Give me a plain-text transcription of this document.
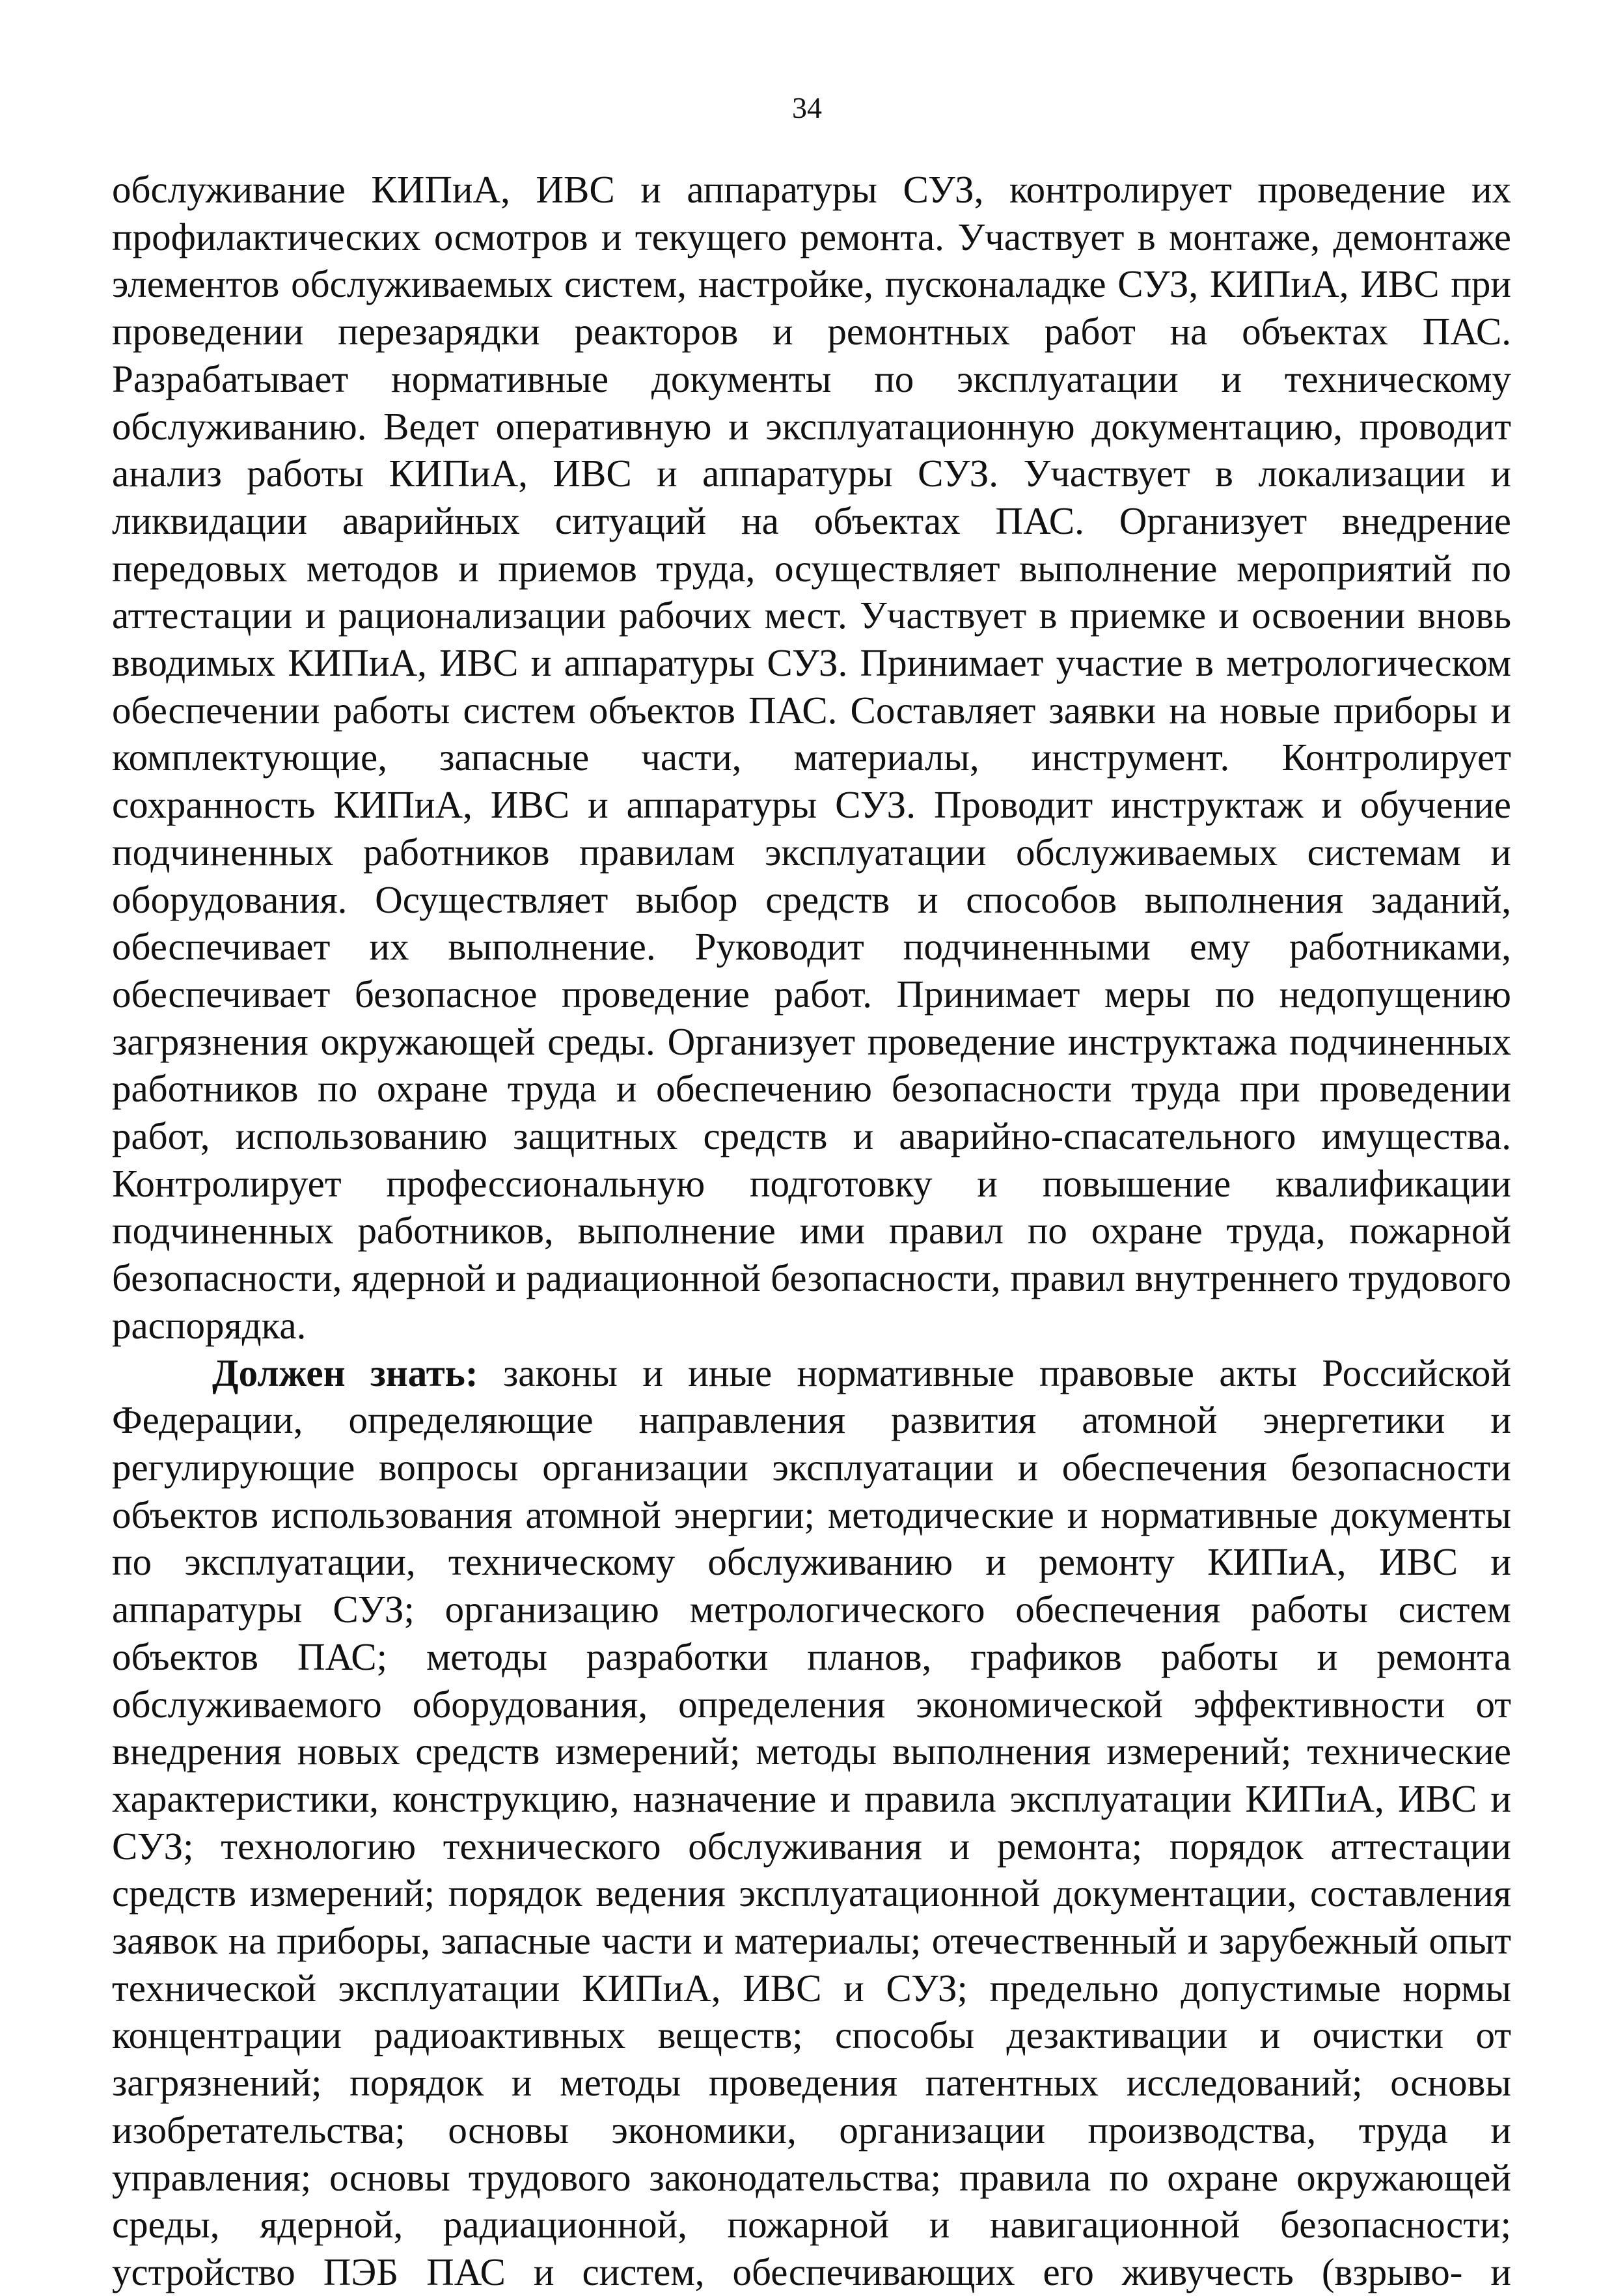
34
обслуживание КИПиА, ИВС и аппаратуры СУЗ, контролирует проведение их
профилактических осмотров и текущего ремонта. Участвует в монтаже, демонтаже
элементов обслуживаемых систем, настройке, пусконаладке СУЗ, КИПиА, ИВС при
проведении перезарядки реакторов и ремонтных работ на объектах ПАС.
Разрабатывает нормативные документы по эксплуатации и техническому
обслуживанию. Ведет оперативную и эксплуатационную документацию, проводит
анализ работы КИПиА, ИВС и аппаратуры СУЗ. Участвует в локализации и
ликвидации аварийных ситуаций на объектах ПАС. Организует внедрение
передовых методов и приемов труда, осуществляет выполнение мероприятий по
аттестации и рационализации рабочих мест. Участвует в приемке и освоении вновь
вводимых КИПиА, ИВС и аппаратуры СУЗ. Принимает участие в метрологическом
обеспечении работы систем объектов ПАС. Составляет заявки на новые приборы и
комплектующие, запасные части, материалы, инструмент. Контролирует
сохранность КИПиА, ИВС и аппаратуры СУЗ. Проводит инструктаж и обучение
подчиненных работников правилам эксплуатации обслуживаемых системам и
оборудования. Осуществляет выбор средств и способов выполнения заданий,
обеспечивает их выполнение. Руководит подчиненными ему работниками,
обеспечивает безопасное проведение работ. Принимает меры по недопущению
загрязнения окружающей среды. Организует проведение инструктажа подчиненных
работников по охране труда и обеспечению безопасности труда при проведении
работ, использованию защитных средств и аварийно-спасательного имущества.
Контролирует профессиональную подготовку и повышение квалификации
подчиненных работников, выполнение ими правил по охране труда, пожарной
безопасности, ядерной и радиационной безопасности, правил внутреннего трудового
распорядка.
Должен знать: законы и иные нормативные правовые акты Российской
Федерации, определяющие направления развития атомной энергетики и
регулирующие вопросы организации эксплуатации и обеспечения безопасности
объектов использования атомной энергии; методические и нормативные документы
по эксплуатации, техническому обслуживанию и ремонту КИПиА, ИВС и
аппаратуры СУЗ; организацию метрологического обеспечения работы систем
объектов ПАС; методы разработки планов, графиков работы и ремонта
обслуживаемого оборудования, определения экономической эффективности от
внедрения новых средств измерений; методы выполнения измерений; технические
характеристики, конструкцию, назначение и правила эксплуатации КИПиА, ИВС и
СУЗ; технологию технического обслуживания и ремонта; порядок аттестации
средств измерений; порядок ведения эксплуатационной документации, составления
заявок на приборы, запасные части и материалы; отечественный и зарубежный опыт
технической эксплуатации КИПиА, ИВС и СУЗ; предельно допустимые нормы
концентрации радиоактивных веществ; способы дезактивации и очистки от
загрязнений; порядок и методы проведения патентных исследований; основы
изобретательства; основы экономики, организации производства, труда и
управления; основы трудового законодательства; правила по охране окружающей
среды, ядерной, радиационной, пожарной и навигационной безопасности;
устройство ПЭБ ПАС и систем, обеспечивающих его живучесть (взрыво- и
